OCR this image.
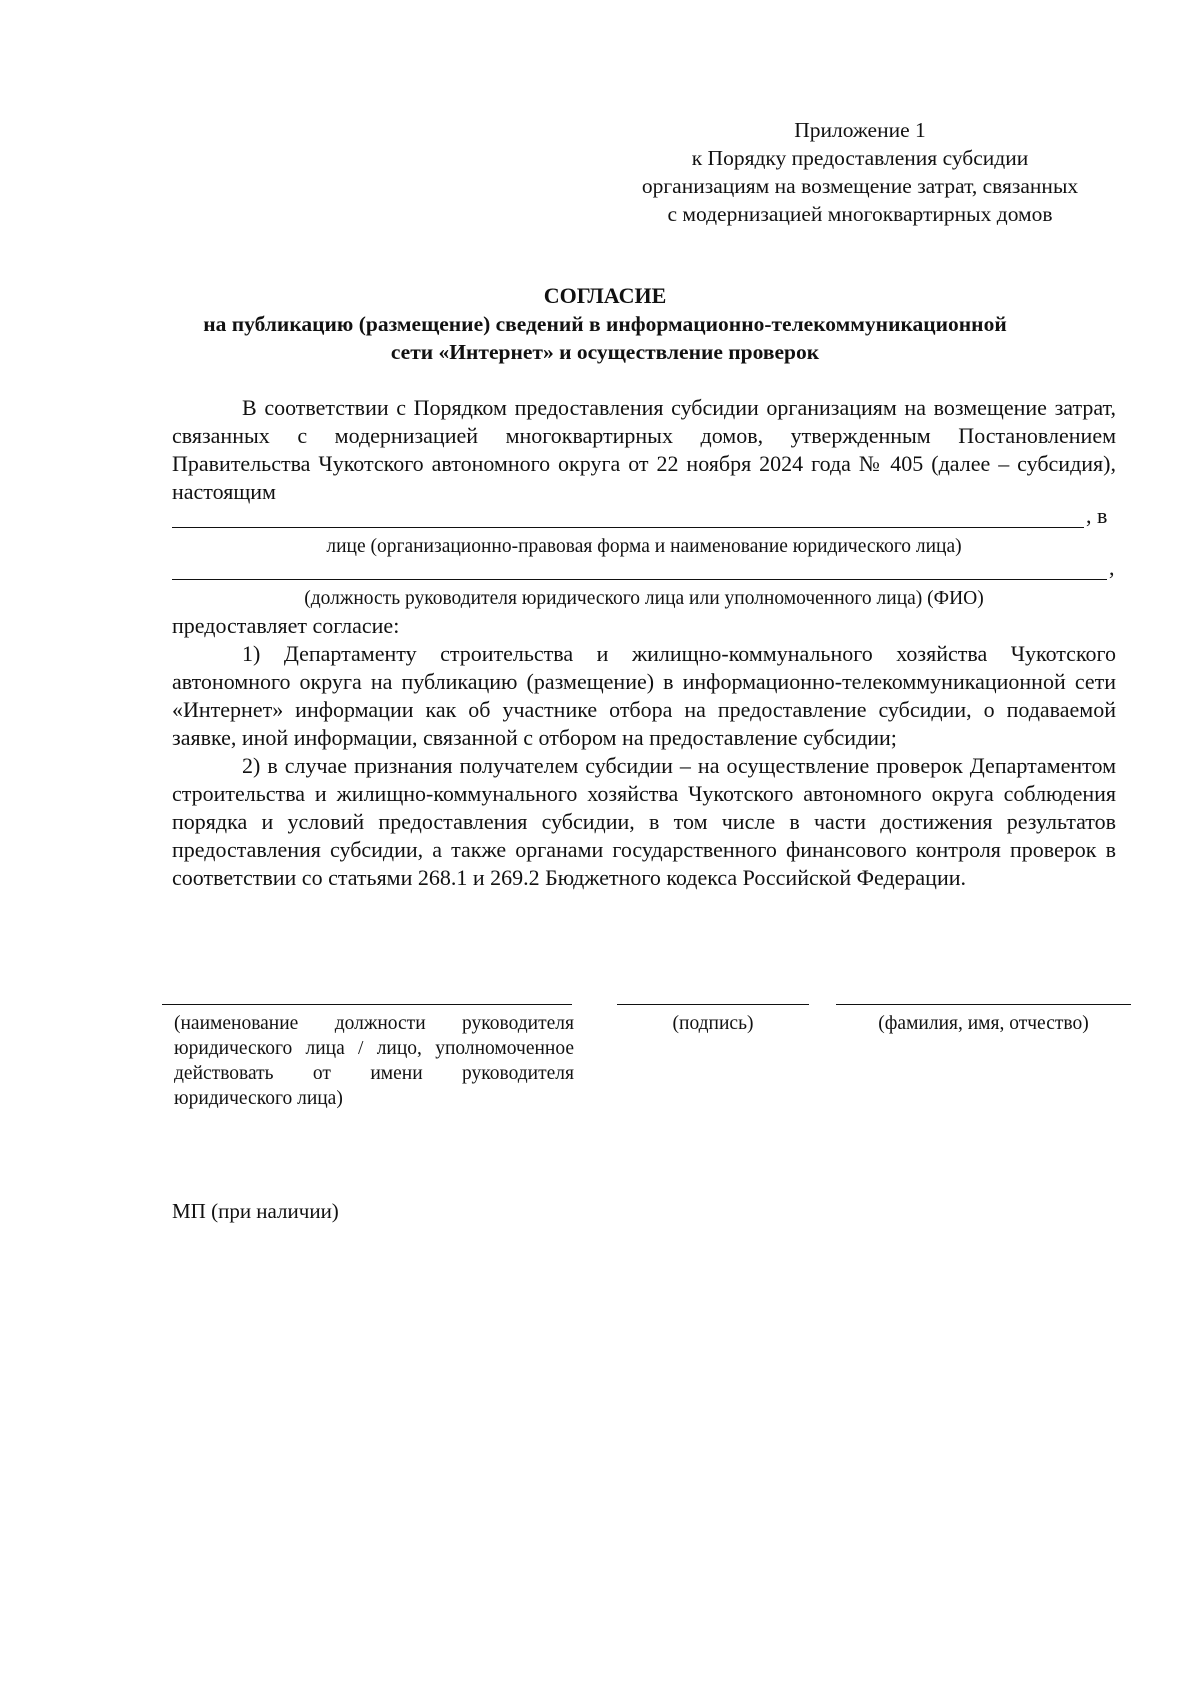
Приложение 1
к Порядку предоставления субсидии
организациям на возмещение затрат, связанных
с модернизацией многоквартирных домов
СОГЛАСИЕ
на публикацию (размещение) сведений в информационно-телекоммуникационной
сети «Интернет» и осуществление проверок

В соответствии с Порядком предоставления субсидии организациям на возмещение затрат, связанных с модернизацией многоквартирных домов, утвержденным Постановлением Правительства Чукотского автономного округа от 22 ноября 2024 года № 405 (далее – субсидия), настоящим

, в
лице (организационно-правовая форма и наименование юридического лица)
,
(должность руководителя юридического лица или уполномоченного лица) (ФИО)

предоставляет согласие:

1) Департаменту строительства и жилищно-коммунального хозяйства Чукотского автономного округа на публикацию (размещение) в информационно-телекоммуникационной сети «Интернет» информации как об участнике отбора на предоставление субсидии, о подаваемой заявке, иной информации, связанной с отбором на предоставление субсидии;

2) в случае признания получателем субсидии – на осуществление проверок Департаментом строительства и жилищно-коммунального хозяйства Чукотского автономного округа соблюдения порядка и условий предоставления субсидии, в том числе в части достижения результатов предоставления субсидии, а также органами государственного финансового контроля проверок в соответствии со статьями 268.1 и 269.2 Бюджетного кодекса Российской Федерации.

(наименование должности руководителя юридического лица / лицо, уполномоченное действовать от имени руководителя юридического лица)
(подпись)	(фамилия, имя, отчество)
МП (при наличии)
